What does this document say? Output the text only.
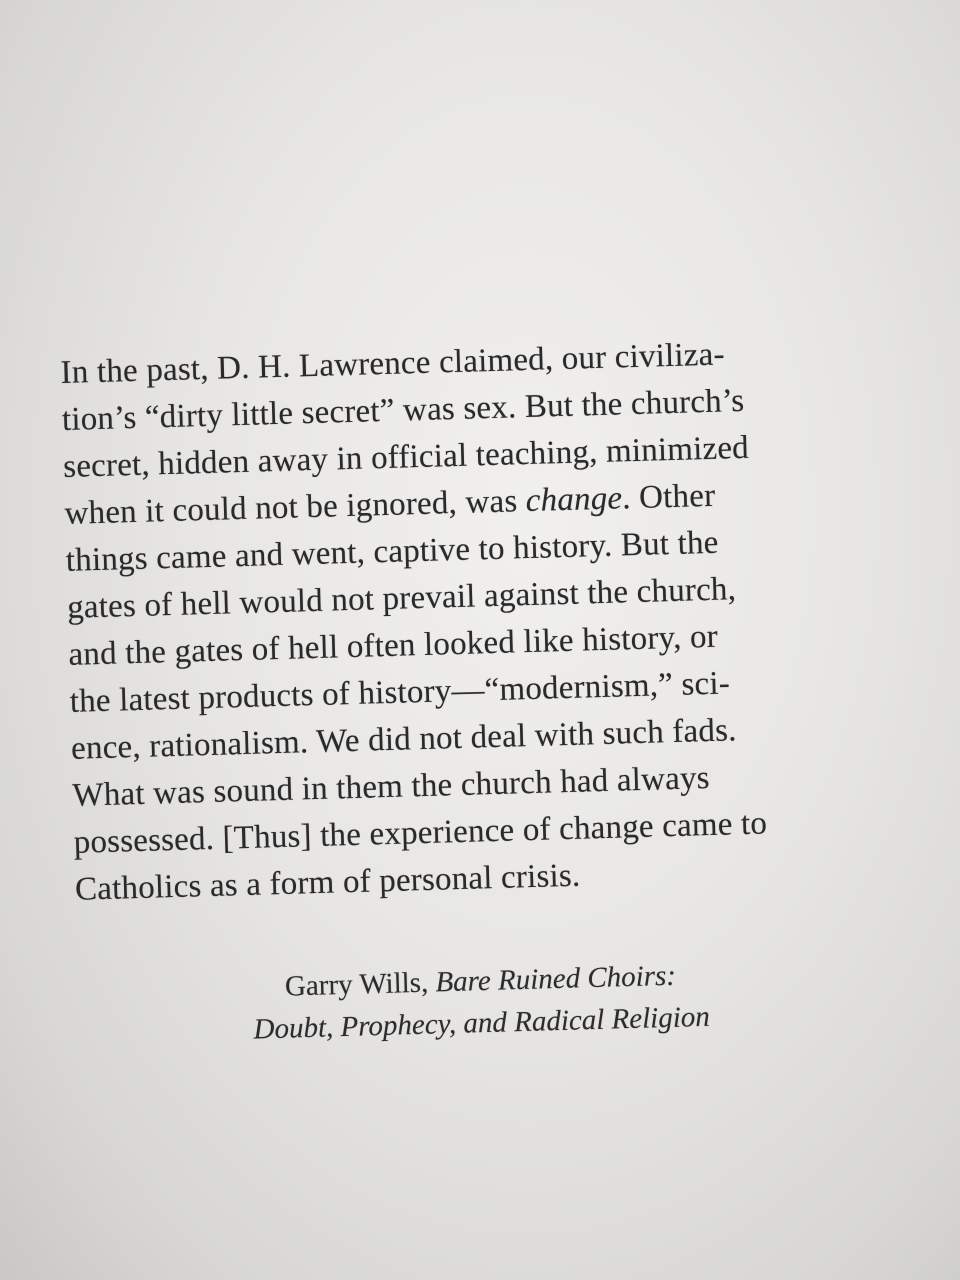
In the past, D. H. Lawrence claimed, our civiliza-
tion’s “dirty little secret” was sex. But the church’s
secret, hidden away in official teaching, minimized
when it could not be ignored, was change. Other
things came and went, captive to history. But the
gates of hell would not prevail against the church,
and the gates of hell often looked like history, or
the latest products of history—“modernism,” sci-
ence, rationalism. We did not deal with such fads.
What was sound in them the church had always
possessed. [Thus] the experience of change came to
Catholics as a form of personal crisis.
Garry Wills, Bare Ruined Choirs:
Doubt, Prophecy, and Radical Religion
